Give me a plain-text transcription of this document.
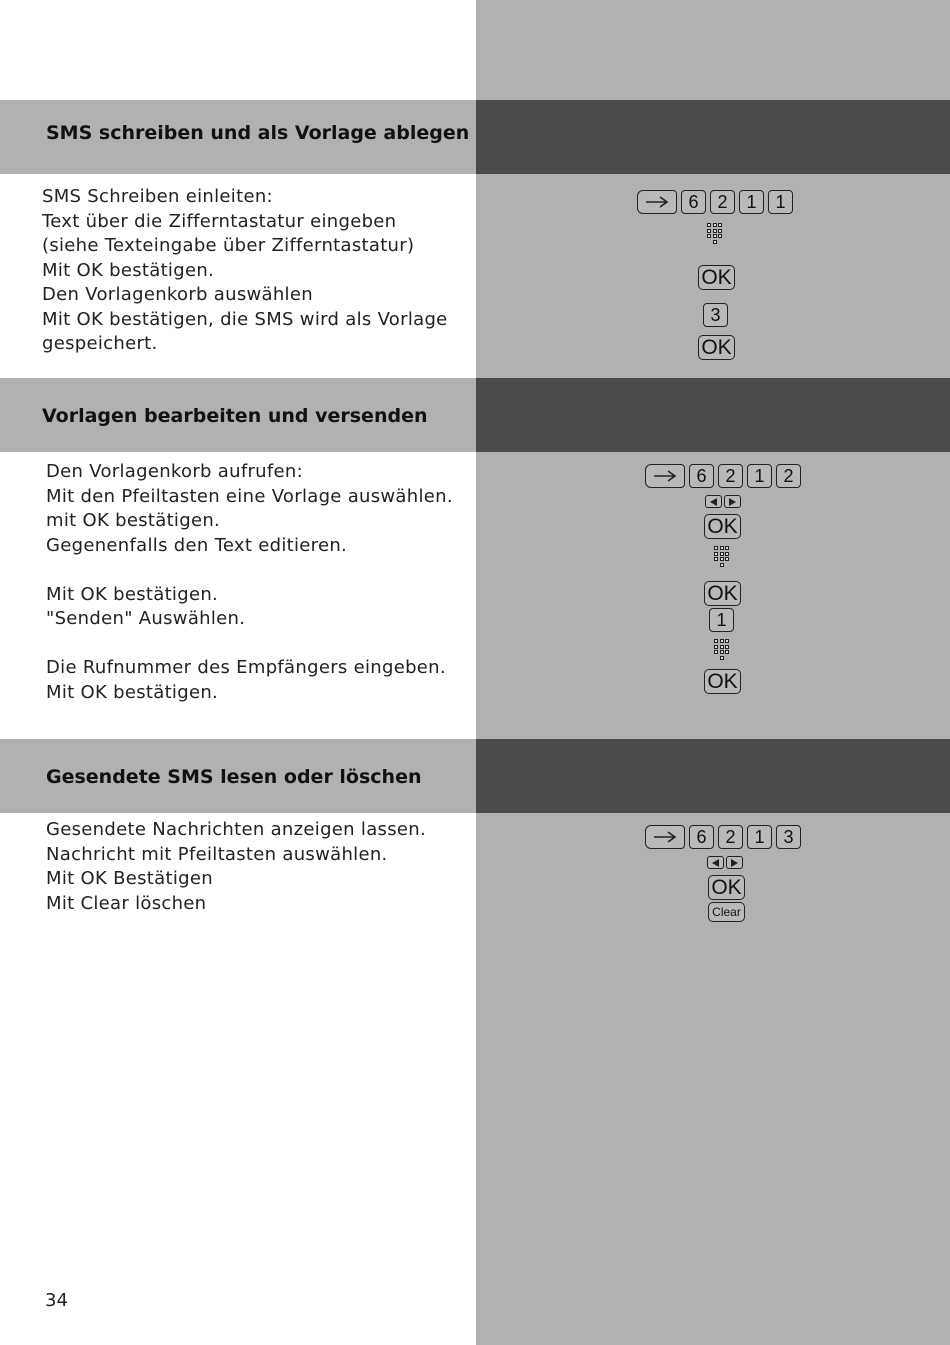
SMS schreiben und als Vorlage ablegen
SMS Schreiben einleiten:
Text über die Zifferntastatur eingeben
(siehe Texteingabe über Zifferntastatur)
Mit OK bestätigen.
Den Vorlagenkorb auswählen
Mit OK bestätigen, die SMS wird als Vorlage
gespeichert.
6	2	1	1
OK
3
OK
Vorlagen bearbeiten und versenden
Den Vorlagenkorb aufrufen:
Mit den Pfeiltasten eine Vorlage auswählen.
mit OK bestätigen.
Gegenenfalls den Text editieren.
Mit OK bestätigen.
"Senden" Auswählen.
Die Rufnummer des Empfängers eingeben.
Mit OK bestätigen.
6	2	1	2
OK
OK
1
OK
Gesendete SMS lesen oder löschen
Gesendete Nachrichten anzeigen lassen.
Nachricht mit Pfeiltasten auswählen.
Mit OK Bestätigen
Mit Clear löschen
6	2	1	3
OK
Clear
34
